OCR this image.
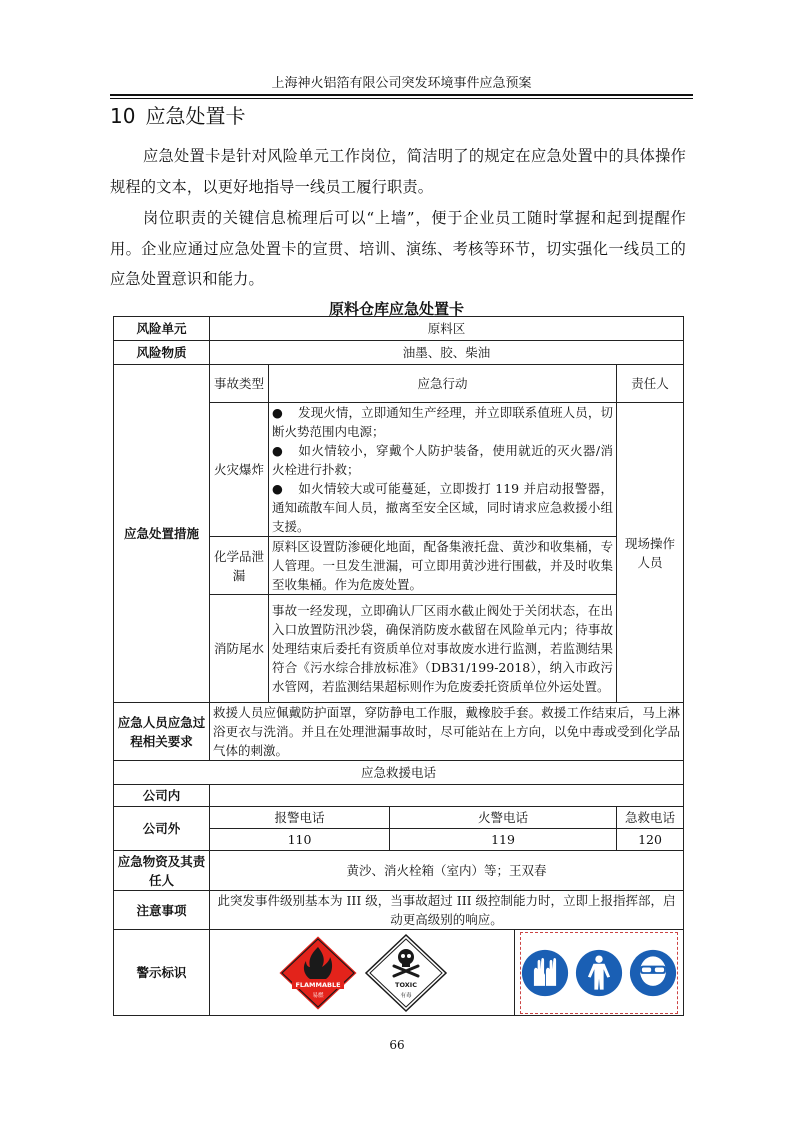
上海神火铝箔有限公司突发环境事件应急预案
10 应急处置卡
应急处置卡是针对风险单元工作岗位，简洁明了的规定在应急处置中的具体操作规程的文本，以更好地指导一线员工履行职责。
岗位职责的关键信息梳理后可以“上墙”，便于企业员工随时掌握和起到提醒作用。企业应通过应急处置卡的宣贯、培训、演练、考核等环节，切实强化一线员工的应急处置意识和能力。
原料仓库应急处置卡
风险单元	原料区				
风险物质	油墨、胶、柴油				
应急处置措施	事故类型	应急行动			责任人
	火灾爆炸	● 发现火情，立即通知生产经理，并立即联系值班人员，切断火势范围内电源；
● 如火情较小，穿戴个人防护装备，使用就近的灭火器/消火栓进行扑救；
● 如火情较大或可能蔓延，立即拨打 119 并启动报警器，通知疏散车间人员，撤离至安全区域，同时请求应急救援小组支援。			现场操作人员
	化学品泄漏	原料区设置防渗硬化地面，配备集液托盘、黄沙和收集桶，专人管理。一旦发生泄漏，可立即用黄沙进行围截，并及时收集至收集桶。作为危废处置。			
	消防尾水	事故一经发现，立即确认厂区雨水截止阀处于关闭状态，在出入口放置防汛沙袋，确保消防废水截留在风险单元内；待事故处理结束后委托有资质单位对事故废水进行监测，若监测结果符合《污水综合排放标准》（DB31/199-2018），纳入市政污水管网，若监测结果超标则作为危废委托资质单位外运处置。			
应急人员应急过程相关要求	救援人员应佩戴防护面罩，穿防静电工作服，戴橡胶手套。救援工作结束后，马上淋浴更衣与洗消。并且在处理泄漏事故时，尽可能站在上方向，以免中毒或受到化学品气体的刺激。				
应急救援电话					
公司内					
公司外	报警电话		火警电话		急救电话
	110		119		120
应急物资及其责任人	黄沙、消火栓箱（室内）等；王双春				
注意事项	此突发事件级别基本为 III 级，当事故超过 III 级控制能力时，立即上报指挥部，启动更高级别的响应。				
警示标识	FLAMMABLE
易燃
TOXIC
有毒

66
